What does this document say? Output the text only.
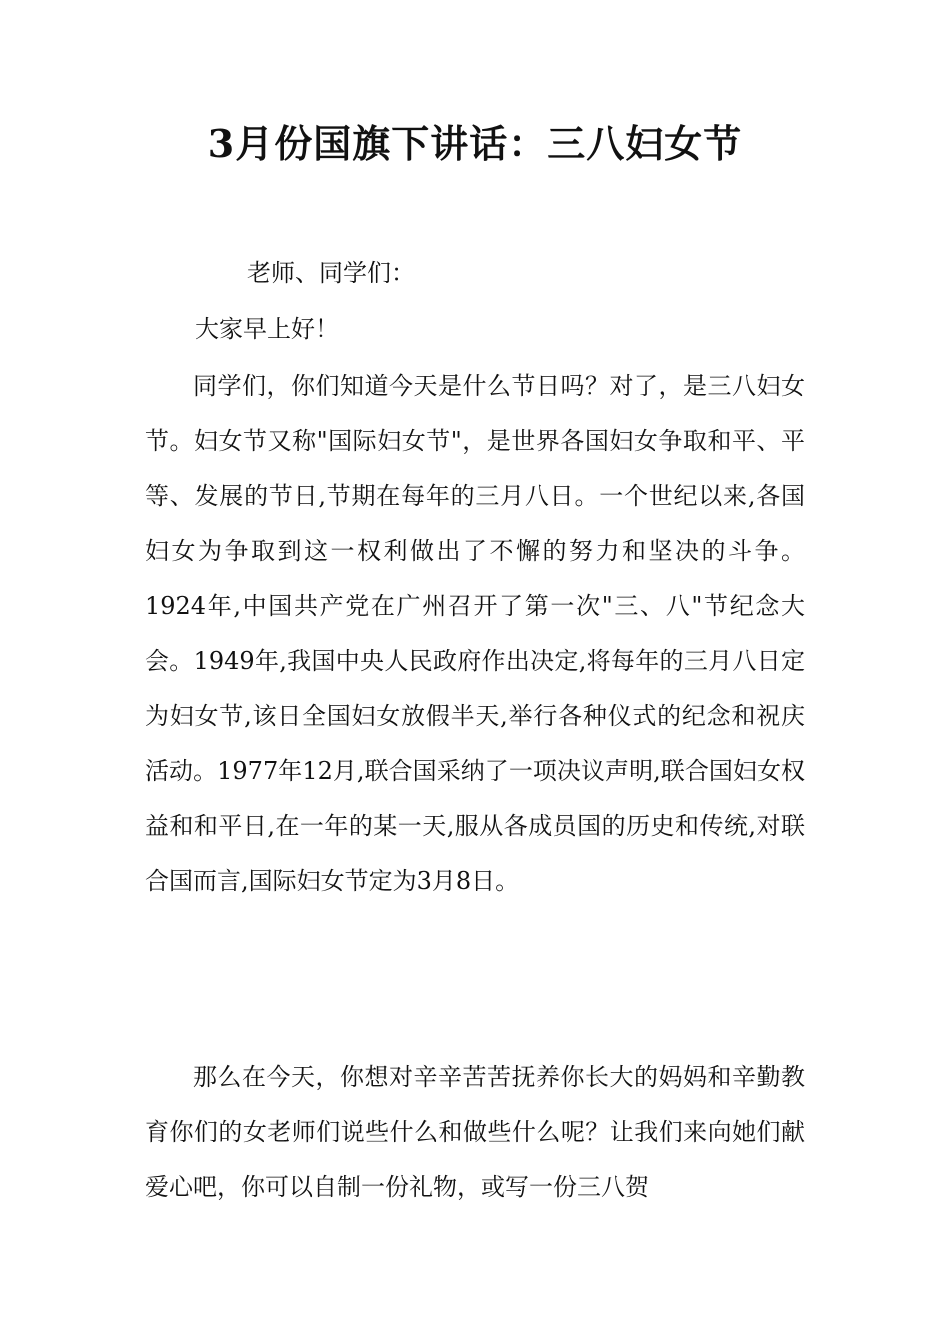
3月份国旗下讲话：三八妇女节

老师、同学们：

大家早上好！

同学们，你们知道今天是什么节日吗？对了，是三八妇女节。妇女节又称"国际妇女节"，是世界各国妇女争取和平、平等、发展的节日,节期在每年的三月八日。一个世纪以来,各国妇女为争取到这一权利做出了不懈的努力和坚决的斗争。1924年,中国共产党在广州召开了第一次"三、八"节纪念大会。1949年,我国中央人民政府作出决定,将每年的三月八日定为妇女节,该日全国妇女放假半天,举行各种仪式的纪念和祝庆活动。1977年12月,联合国采纳了一项决议声明,联合国妇女权益和和平日,在一年的某一天,服从各成员国的历史和传统,对联合国而言,国际妇女节定为3月8日。

那么在今天，你想对辛辛苦苦抚养你长大的妈妈和辛勤教育你们的女老师们说些什么和做些什么呢？让我们来向她们献爱心吧，你可以自制一份礼物，或写一份三八贺
